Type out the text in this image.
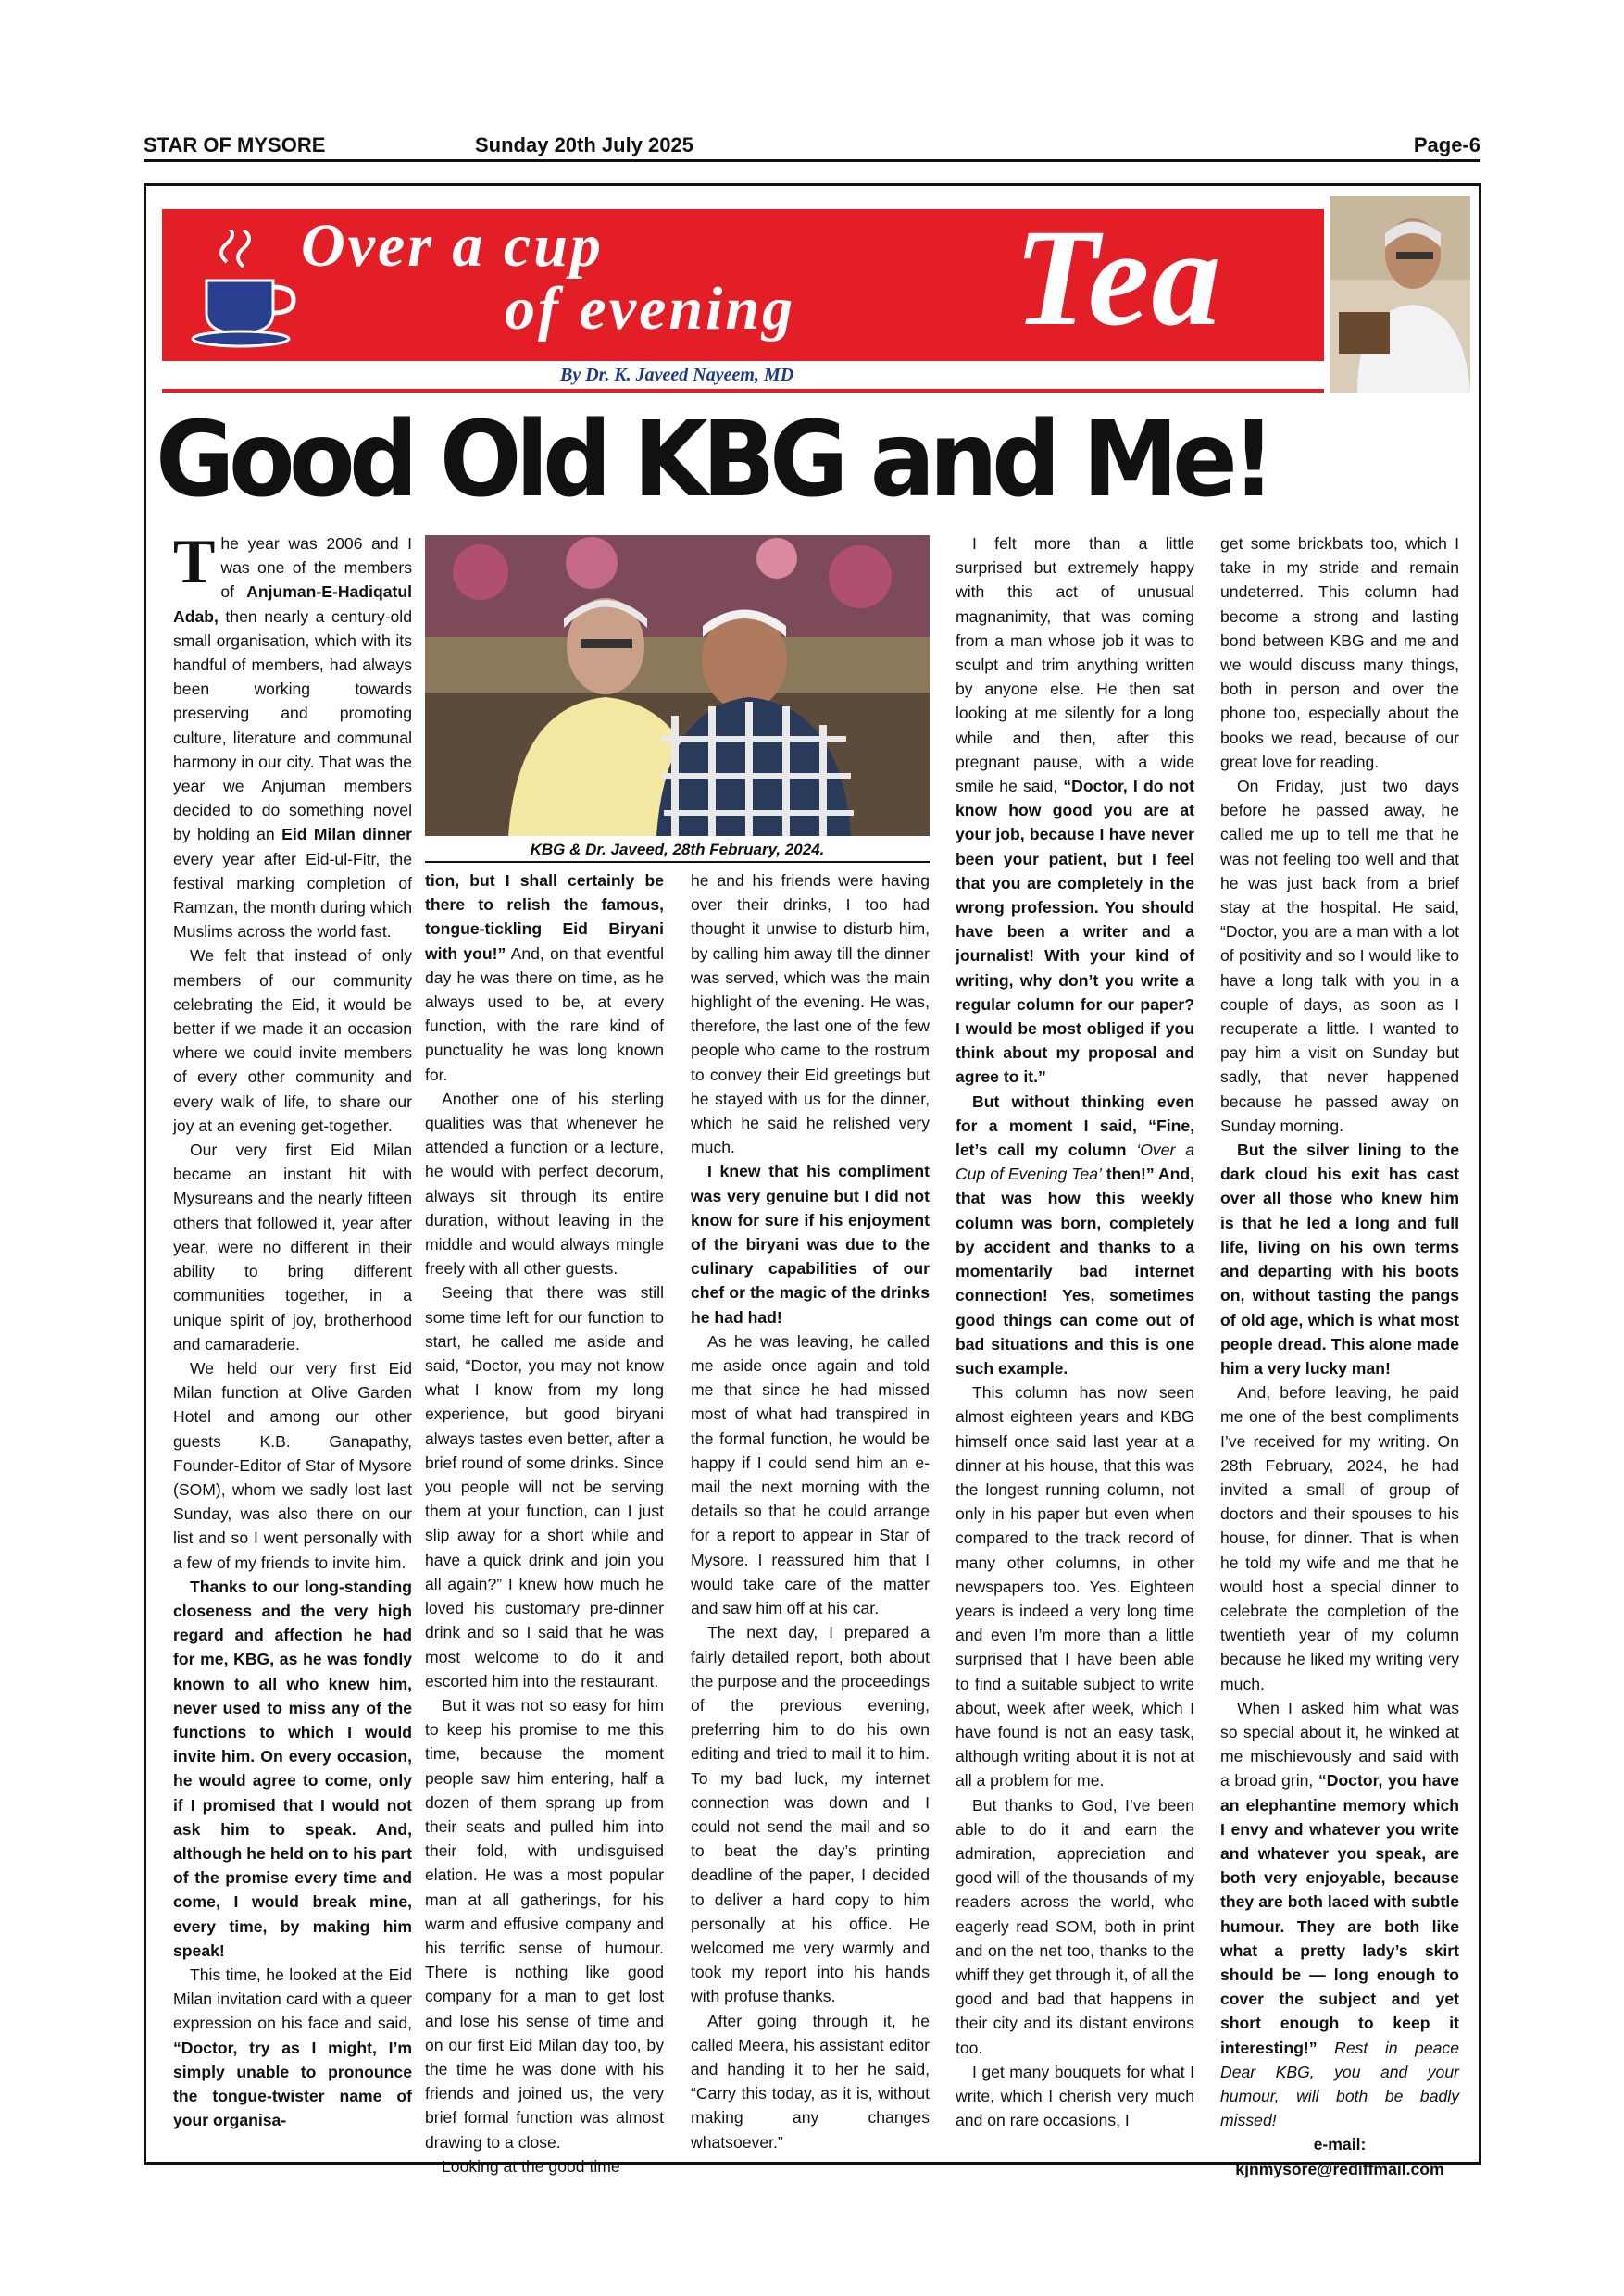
STAR OF MYSORE	Sunday 20th July 2025	Page-6
Over a cup
of evening Tea
By Dr. K. Javeed Nayeem, MD
Good Old KBG and Me!
KBG & Dr. Javeed, 28th February, 2024.

The year was 2006 and I was one of the members of Anjuman-E-Hadiqatul Adab, then nearly a century-old small organisation, which with its handful of members, had always been working towards preserving and promoting culture, literature and communal harmony in our city. That was the year we Anjuman members decided to do something novel by holding an Eid Milan dinner every year after Eid-ul-Fitr, the festival marking completion of Ramzan, the month during which Muslims across the world fast.

We felt that instead of only members of our community celebrating the Eid, it would be better if we made it an occasion where we could invite members of every other community and every walk of life, to share our joy at an evening get-together.

Our very first Eid Milan became an instant hit with Mysureans and the nearly fifteen others that followed it, year after year, were no different in their ability to bring different communities together, in a unique spirit of joy, brotherhood and camaraderie.

We held our very first Eid Milan function at Olive Garden Hotel and among our other guests K.B. Ganapathy, Founder-Editor of Star of Mysore (SOM), whom we sadly lost last Sunday, was also there on our list and so I went personally with a few of my friends to invite him.

Thanks to our long-standing closeness and the very high regard and affection he had for me, KBG, as he was fondly known to all who knew him, never used to miss any of the functions to which I would invite him. On every occasion, he would agree to come, only if I promised that I would not ask him to speak. And, although he held on to his part of the promise every time and come, I would break mine, every time, by making him speak!

This time, he looked at the Eid Milan invitation card with a queer expression on his face and said, “Doctor, try as I might, I’m simply unable to pronounce the tongue-twister name of your organisa-

tion, but I shall certainly be there to relish the famous, tongue-tickling Eid Biryani with you!” And, on that eventful day he was there on time, as he always used to be, at every function, with the rare kind of punctuality he was long known for.

Another one of his sterling qualities was that whenever he attended a function or a lecture, he would with perfect decorum, always sit through its entire duration, without leaving in the middle and would always mingle freely with all other guests.

Seeing that there was still some time left for our function to start, he called me aside and said, “Doctor, you may not know what I know from my long experience, but good biryani always tastes even better, after a brief round of some drinks. Since you people will not be serving them at your function, can I just slip away for a short while and have a quick drink and join you all again?” I knew how much he loved his customary pre-dinner drink and so I said that he was most welcome to do it and escorted him into the restaurant.

But it was not so easy for him to keep his promise to me this time, because the moment people saw him entering, half a dozen of them sprang up from their seats and pulled him into their fold, with undisguised elation. He was a most popular man at all gatherings, for his warm and effusive company and his terrific sense of humour. There is nothing like good company for a man to get lost and lose his sense of time and on our first Eid Milan day too, by the time he was done with his friends and joined us, the very brief formal function was almost drawing to a close.

Looking at the good time

he and his friends were having over their drinks, I too had thought it unwise to disturb him, by calling him away till the dinner was served, which was the main highlight of the evening. He was, therefore, the last one of the few people who came to the rostrum to convey their Eid greetings but he stayed with us for the dinner, which he said he relished very much.

I knew that his compliment was very genuine but I did not know for sure if his enjoyment of the biryani was due to the culinary capabilities of our chef or the magic of the drinks he had had!

As he was leaving, he called me aside once again and told me that since he had missed most of what had transpired in the formal function, he would be happy if I could send him an e-mail the next morning with the details so that he could arrange for a report to appear in Star of Mysore. I reassured him that I would take care of the matter and saw him off at his car.

The next day, I prepared a fairly detailed report, both about the purpose and the proceedings of the previous evening, preferring him to do his own editing and tried to mail it to him. To my bad luck, my internet connection was down and I could not send the mail and so to beat the day’s printing deadline of the paper, I decided to deliver a hard copy to him personally at his office. He welcomed me very warmly and took my report into his hands with profuse thanks.

After going through it, he called Meera, his assistant editor and handing it to her he said, “Carry this today, as it is, without making any changes whatsoever.”

I felt more than a little surprised but extremely happy with this act of unusual magnanimity, that was coming from a man whose job it was to sculpt and trim anything written by anyone else. He then sat looking at me silently for a long while and then, after this pregnant pause, with a wide smile he said, “Doctor, I do not know how good you are at your job, because I have never been your patient, but I feel that you are completely in the wrong profession. You should have been a writer and a journalist! With your kind of writing, why don’t you write a regular column for our paper? I would be most obliged if you think about my proposal and agree to it.”

But without thinking even for a moment I said, “Fine, let’s call my column ‘Over a Cup of Evening Tea’ then!” And, that was how this weekly column was born, completely by accident and thanks to a momentarily bad internet connection! Yes, sometimes good things can come out of bad situations and this is one such example.

This column has now seen almost eighteen years and KBG himself once said last year at a dinner at his house, that this was the longest running column, not only in his paper but even when compared to the track record of many other columns, in other newspapers too. Yes. Eighteen years is indeed a very long time and even I’m more than a little surprised that I have been able to find a suitable subject to write about, week after week, which I have found is not an easy task, although writing about it is not at all a problem for me.

But thanks to God, I’ve been able to do it and earn the admiration, appreciation and good will of the thousands of my readers across the world, who eagerly read SOM, both in print and on the net too, thanks to the whiff they get through it, of all the good and bad that happens in their city and its distant environs too.

I get many bouquets for what I write, which I cherish very much and on rare occasions, I

get some brickbats too, which I take in my stride and remain undeterred. This column had become a strong and lasting bond between KBG and me and we would discuss many things, both in person and over the phone too, especially about the books we read, because of our great love for reading.

On Friday, just two days before he passed away, he called me up to tell me that he was not feeling too well and that he was just back from a brief stay at the hospital. He said, “Doctor, you are a man with a lot of positivity and so I would like to have a long talk with you in a couple of days, as soon as I recuperate a little. I wanted to pay him a visit on Sunday but sadly, that never happened because he passed away on Sunday morning.

But the silver lining to the dark cloud his exit has cast over all those who knew him is that he led a long and full life, living on his own terms and departing with his boots on, without tasting the pangs of old age, which is what most people dread. This alone made him a very lucky man!

And, before leaving, he paid me one of the best compliments I’ve received for my writing. On 28th February, 2024, he had invited a small of group of doctors and their spouses to his house, for dinner. That is when he told my wife and me that he would host a special dinner to celebrate the completion of the twentieth year of my column because he liked my writing very much.

When I asked him what was so special about it, he winked at me mischievously and said with a broad grin, “Doctor, you have an elephantine memory which I envy and whatever you write and whatever you speak, are both very enjoyable, because they are both laced with subtle humour. They are both like what a pretty lady’s skirt should be — long enough to cover the subject and yet short enough to keep it interesting!” Rest in peace Dear KBG, you and your humour, will both be badly missed!

e-mail:

kjnmysore@rediffmail.com
